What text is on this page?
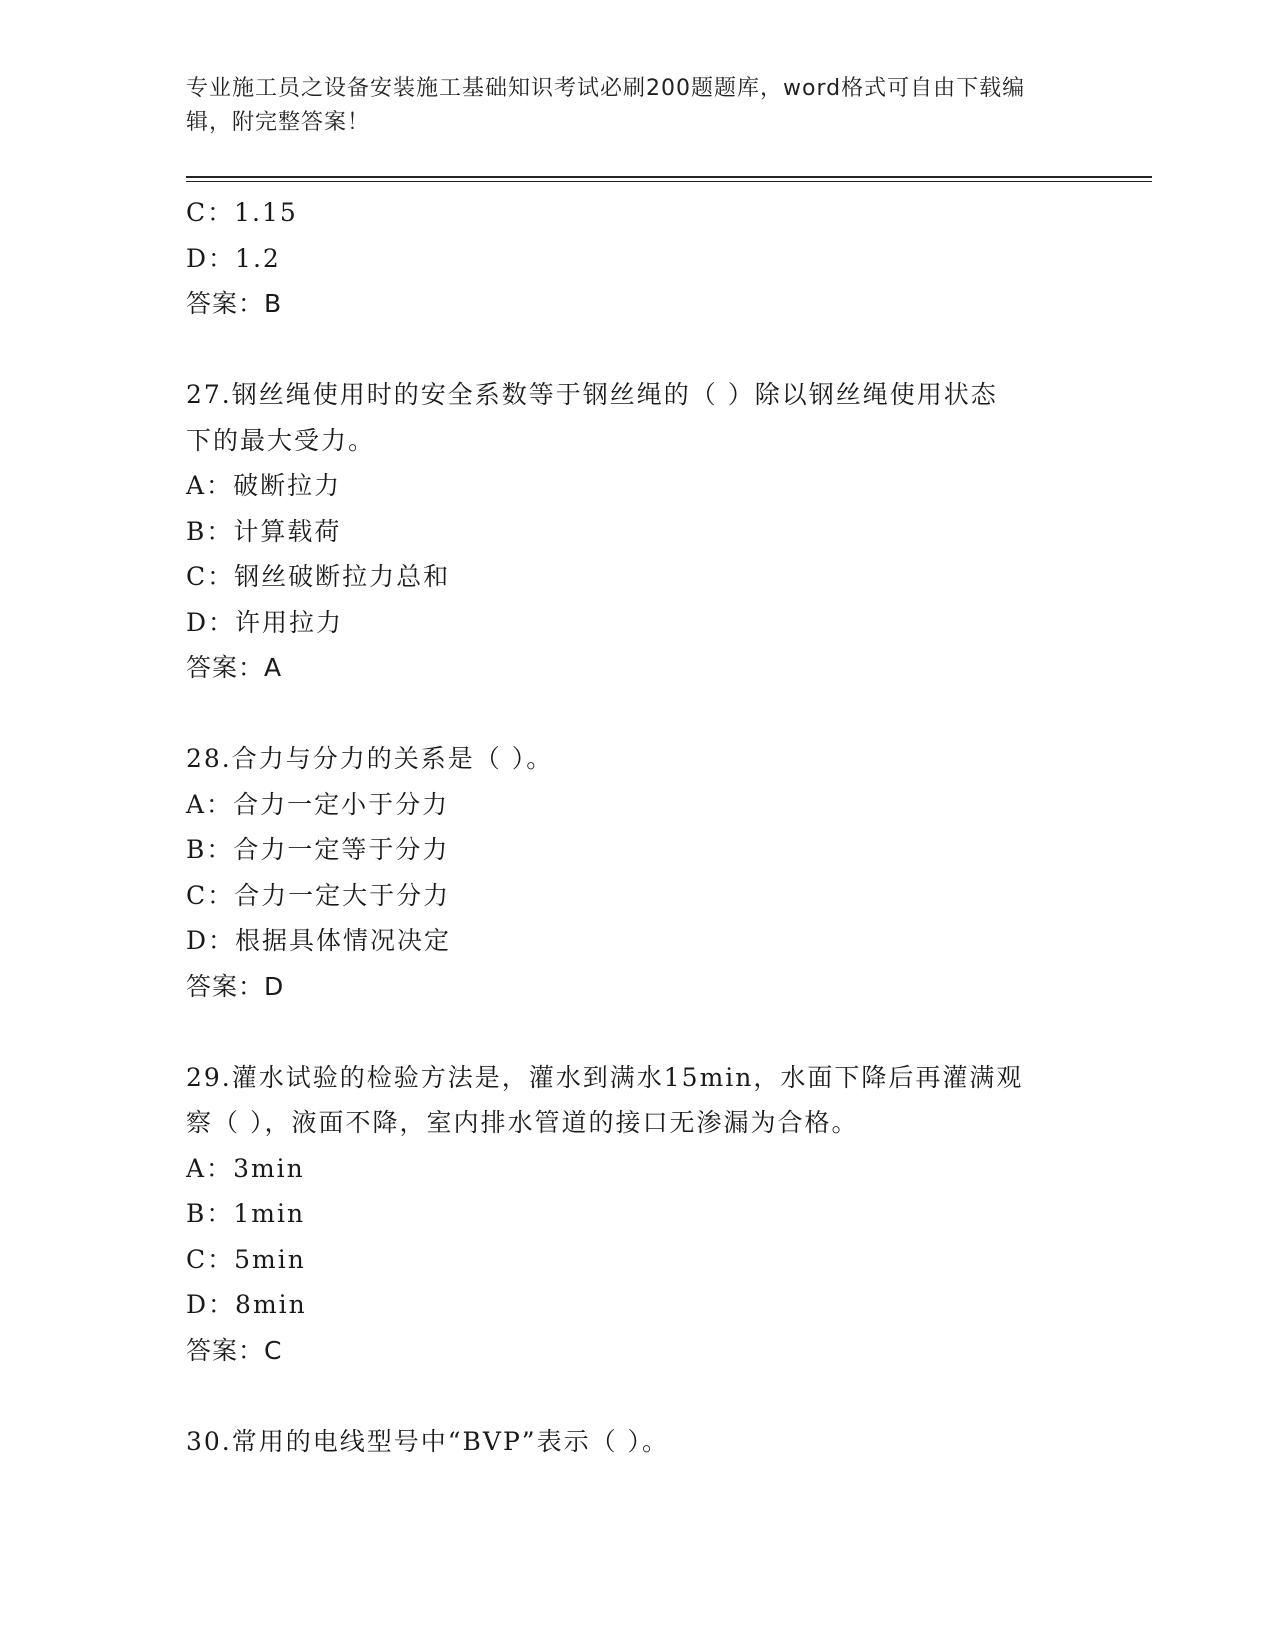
专业施工员之设备安装施工基础知识考试必刷200题题库，word格式可自由下载编辑，附完整答案！
C：1.15
D：1.2
答案：B
27.钢丝绳使用时的安全系数等于钢丝绳的（ ）除以钢丝绳使用状态
下的最大受力。
A：破断拉力
B：计算载荷
C：钢丝破断拉力总和
D：许用拉力
答案：A
28.合力与分力的关系是（ ）。
A：合力一定小于分力
B：合力一定等于分力
C：合力一定大于分力
D：根据具体情况决定
答案：D
29.灌水试验的检验方法是，灌水到满水15min，水面下降后再灌满观
察（ ），液面不降，室内排水管道的接口无渗漏为合格。
A：3min
B：1min
C：5min
D：8min
答案：C
30.常用的电线型号中“BVP”表示（ ）。
